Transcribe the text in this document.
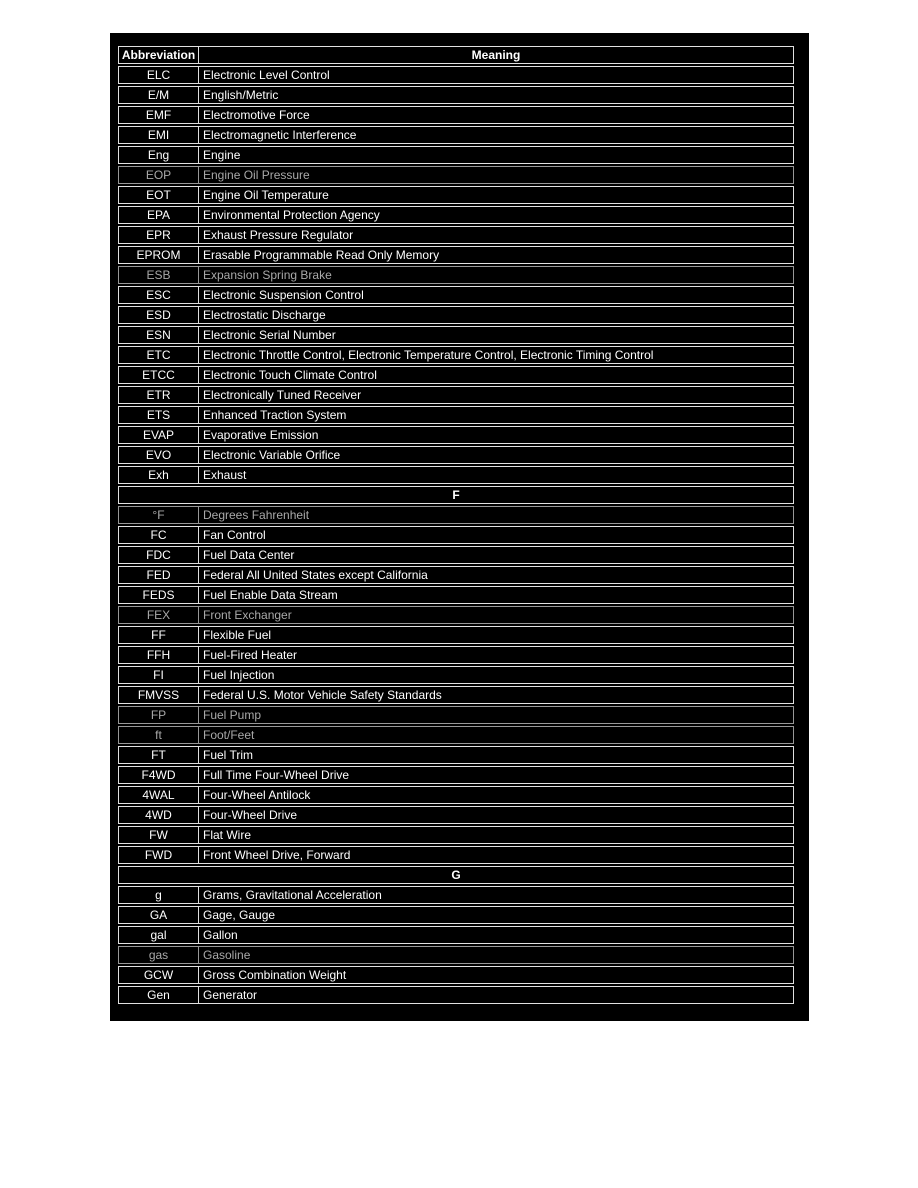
Abbreviation	Meaning
ELC	Electronic Level Control
E/M	English/Metric
EMF	Electromotive Force
EMI	Electromagnetic Interference
Eng	Engine
EOP	Engine Oil Pressure
EOT	Engine Oil Temperature
EPA	Environmental Protection Agency
EPR	Exhaust Pressure Regulator
EPROM	Erasable Programmable Read Only Memory
ESB	Expansion Spring Brake
ESC	Electronic Suspension Control
ESD	Electrostatic Discharge
ESN	Electronic Serial Number
ETC	Electronic Throttle Control, Electronic Temperature Control, Electronic Timing Control
ETCC	Electronic Touch Climate Control
ETR	Electronically Tuned Receiver
ETS	Enhanced Traction System
EVAP	Evaporative Emission
EVO	Electronic Variable Orifice
Exh	Exhaust
F
°F	Degrees Fahrenheit
FC	Fan Control
FDC	Fuel Data Center
FED	Federal All United States except California
FEDS	Fuel Enable Data Stream
FEX	Front Exchanger
FF	Flexible Fuel
FFH	Fuel-Fired Heater
FI	Fuel Injection
FMVSS	Federal U.S. Motor Vehicle Safety Standards
FP	Fuel Pump
ft	Foot/Feet
FT	Fuel Trim
F4WD	Full Time Four-Wheel Drive
4WAL	Four-Wheel Antilock
4WD	Four-Wheel Drive
FW	Flat Wire
FWD	Front Wheel Drive, Forward
G
g	Grams, Gravitational Acceleration
GA	Gage, Gauge
gal	Gallon
gas	Gasoline
GCW	Gross Combination Weight
Gen	Generator
